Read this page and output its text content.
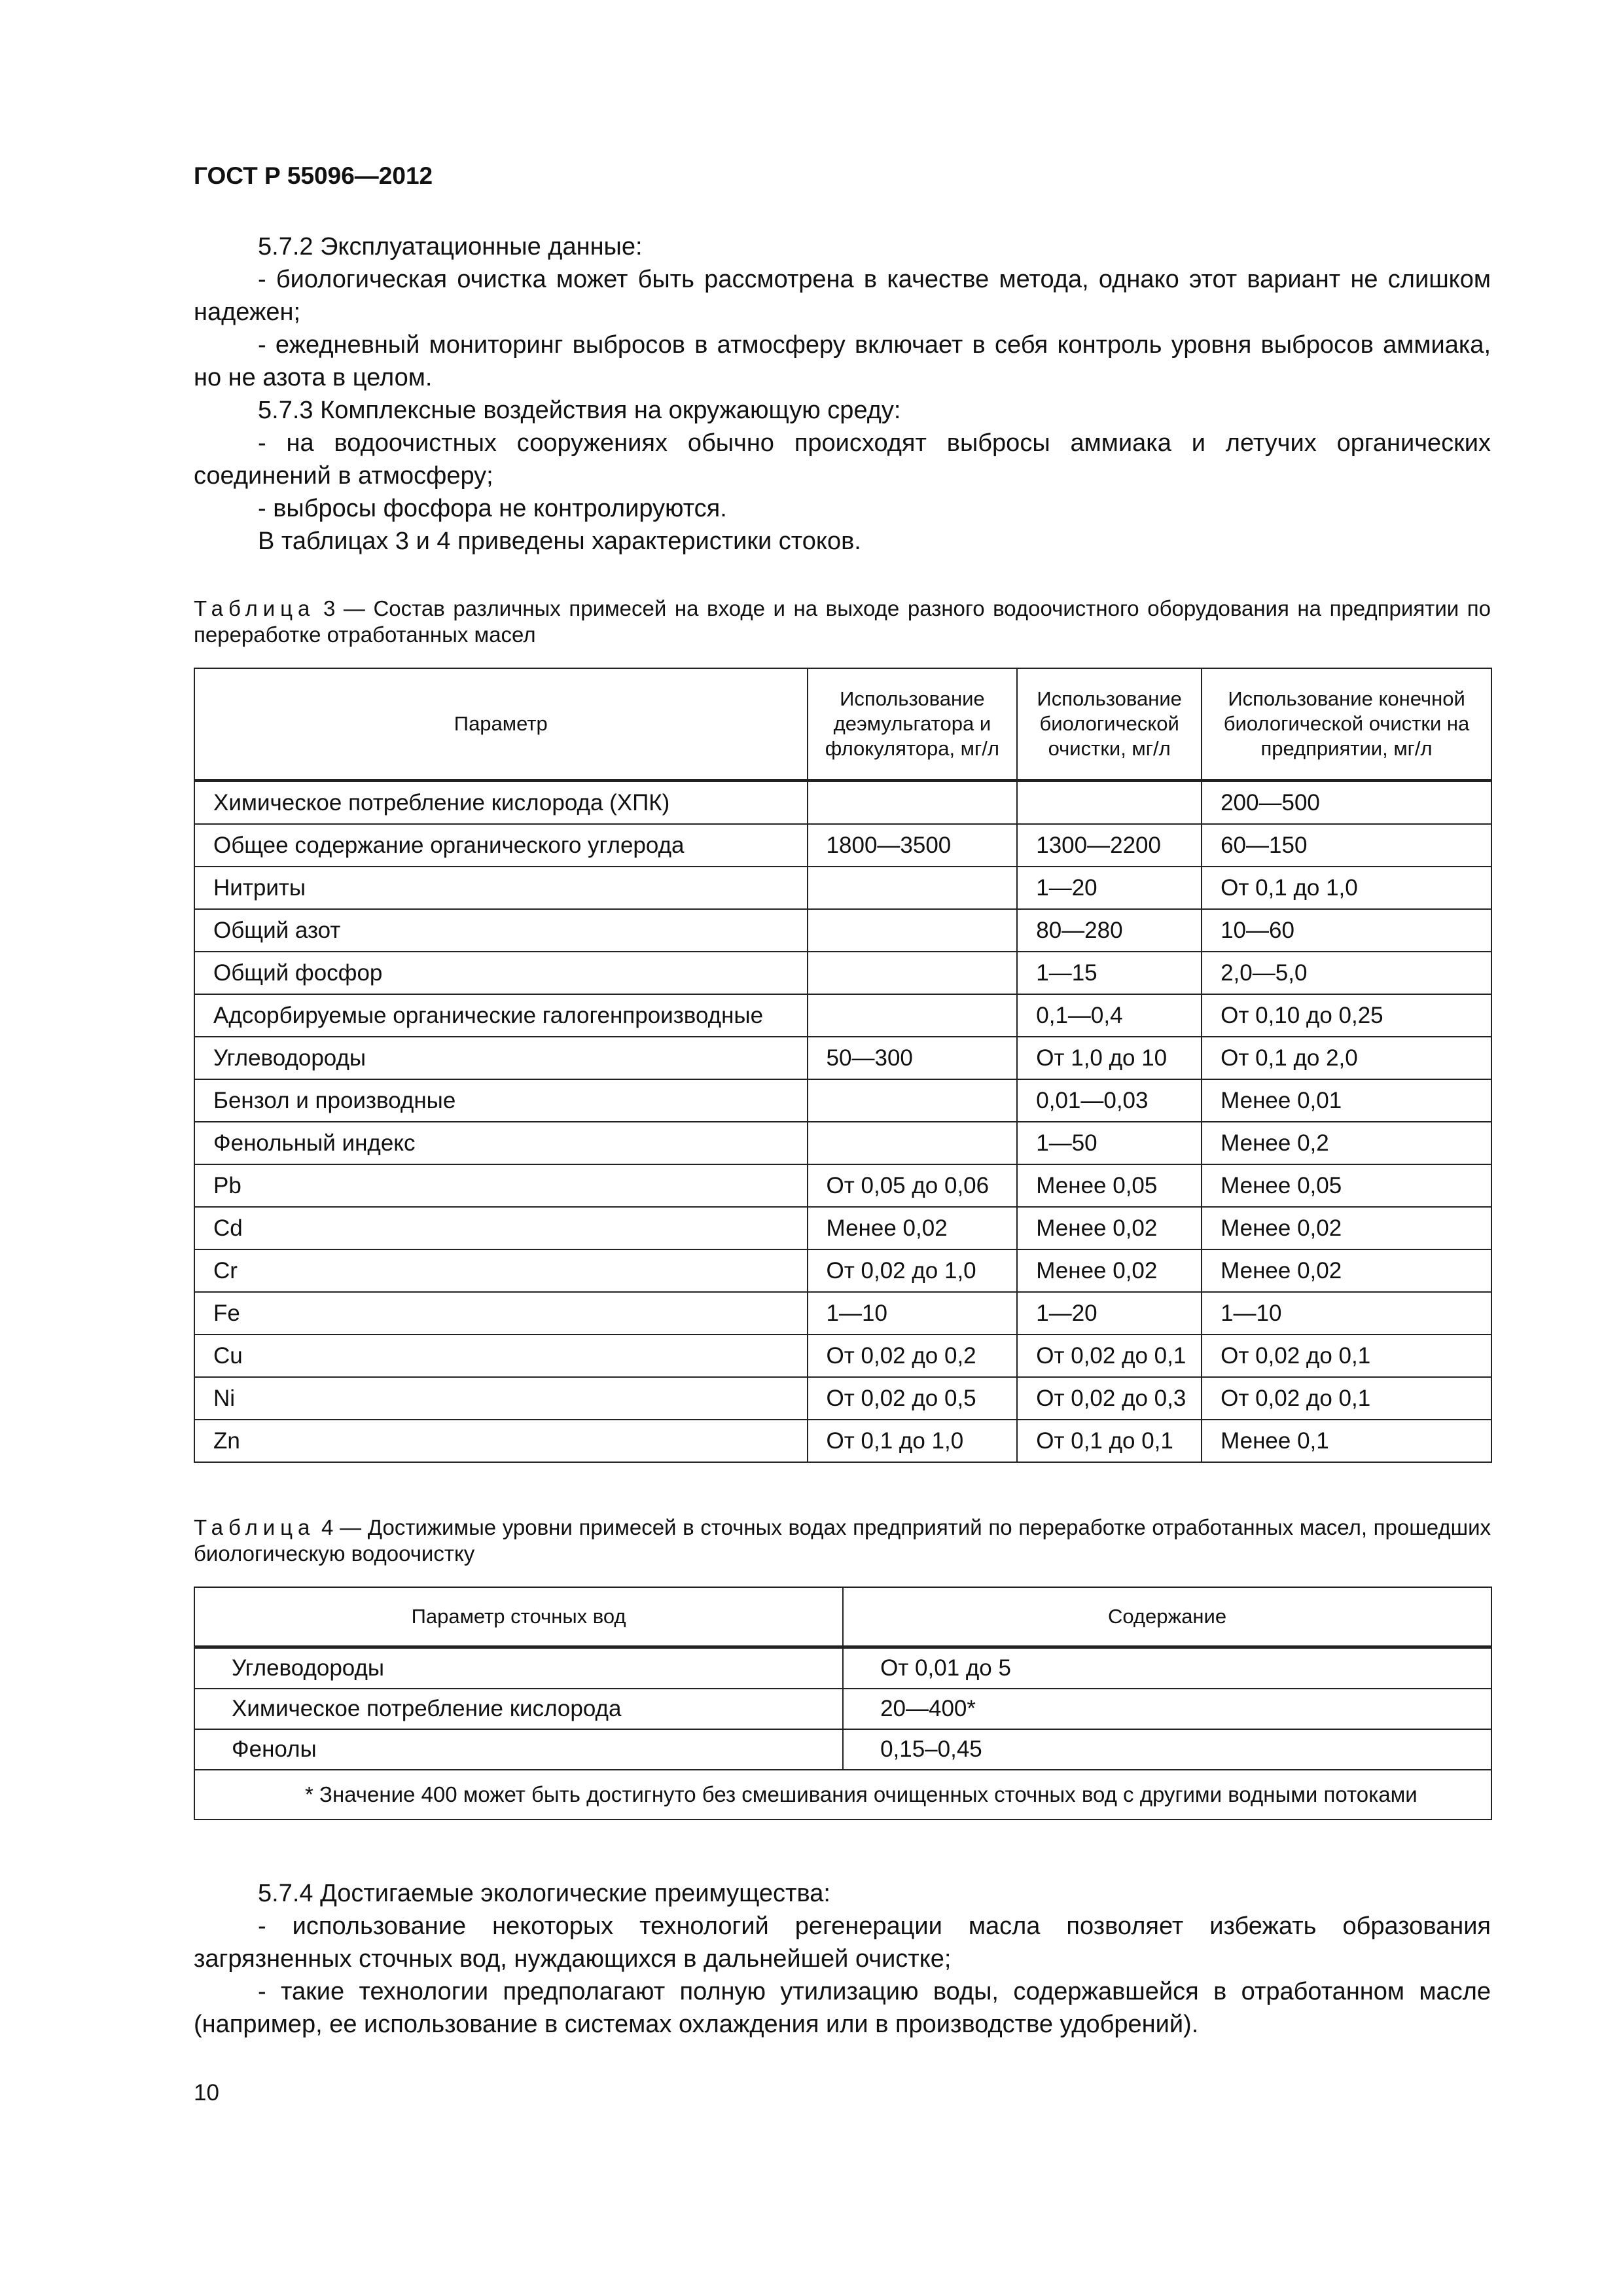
ГОСТ Р 55096—2012

5.7.2 Эксплуатационные данные:

- биологическая очистка может быть рассмотрена в качестве метода, однако этот вариант не слишком надежен;

- ежедневный мониторинг выбросов в атмосферу включает в себя контроль уровня выбросов аммиака, но не азота в целом.

5.7.3 Комплексные воздействия на окружающую среду:

- на водоочистных сооружениях обычно происходят выбросы аммиака и летучих органических соединений в атмосферу;

- выбросы фосфора не контролируются.

В таблицах 3 и 4 приведены характеристики стоков.

Таблица 3 — Состав различных примесей на входе и на выходе разного водоочистного оборудования на предприятии по переработке отработанных масел
Параметр	Использование деэмульгатора и флокулятора, мг/л	Использование биологической очистки, мг/л	Использование конечной биологической очистки на предприятии, мг/л
Химическое потребление кислорода (ХПК)			200—500
Общее содержание органического углерода	1800—3500	1300—2200	60—150
Нитриты		1—20	От 0,1 до 1,0
Общий азот		80—280	10—60
Общий фосфор		1—15	2,0—5,0
Адсорбируемые органические галогенпроизводные		0,1—0,4	От 0,10 до 0,25
Углеводороды	50—300	От 1,0 до 10	От 0,1 до 2,0
Бензол и производные		0,01—0,03	Менее 0,01
Фенольный индекс		1—50	Менее 0,2
Pb	От 0,05 до 0,06	Менее 0,05	Менее 0,05
Cd	Менее 0,02	Менее 0,02	Менее 0,02
Cr	От 0,02 до 1,0	Менее 0,02	Менее 0,02
Fe	1—10	1—20	1—10
Cu	От 0,02 до 0,2	От 0,02 до 0,1	От 0,02 до 0,1
Ni	От 0,02 до 0,5	От 0,02 до 0,3	От 0,02 до 0,1
Zn	От 0,1 до 1,0	От 0,1 до 0,1	Менее 0,1
Таблица 4 — Достижимые уровни примесей в сточных водах предприятий по переработке отработанных масел, прошедших биологическую водоочистку
Параметр сточных вод	Содержание
Углеводороды	От 0,01 до 5
Химическое потребление кислорода	20—400*
Фенолы	0,15–0,45
* Значение 400 может быть достигнуто без смешивания очищенных сточных вод с другими водными потоками	

5.7.4 Достигаемые экологические преимущества:

- использование некоторых технологий регенерации масла позволяет избежать образования загрязненных сточных вод, нуждающихся в дальнейшей очистке;

- такие технологии предполагают полную утилизацию воды, содержавшейся в отработанном масле (например, ее использование в системах охлаждения или в производстве удобрений).

10
